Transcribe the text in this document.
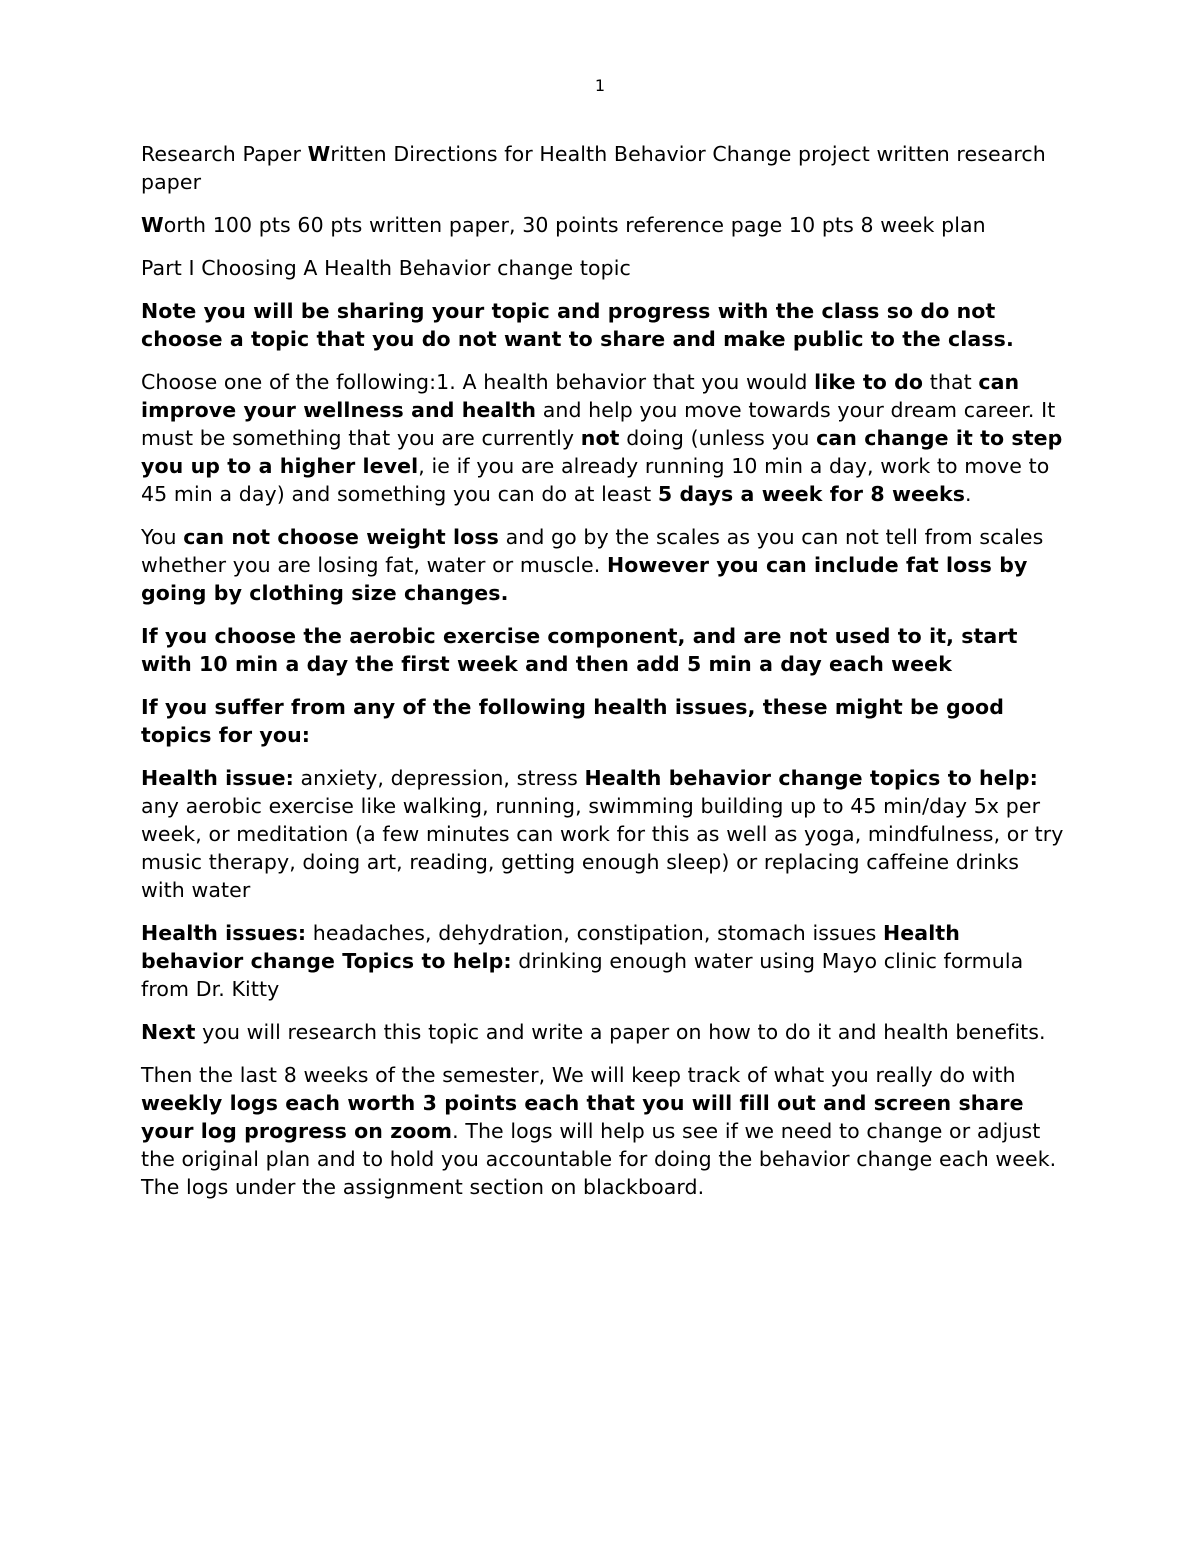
1

Research Paper Written Directions for Health Behavior Change project written research paper

Worth 100 pts 60 pts written paper, 30 points reference page 10 pts 8 week plan

Part I Choosing A Health Behavior change topic

Note you will be sharing your topic and progress with the class so do not choose a topic that you do not want to share and make public to the class.

Choose one of the following:1. A health behavior that you would like to do that can improve your wellness and health and help you move towards your dream career. It must be something that you are currently not doing (unless you can change it to step you up to a higher level, ie if you are already running 10 min a day, work to move to 45 min a day) and something you can do at least 5 days a week for 8 weeks.

You can not choose weight loss and go by the scales as you can not tell from scales whether you are losing fat, water or muscle. However you can include fat loss by going by clothing size changes.

If you choose the aerobic exercise component, and are not used to it, start with 10 min a day the first week and then add 5 min a day each week

If you suffer from any of the following health issues, these might be good topics for you:

Health issue: anxiety, depression, stress Health behavior change topics to help: any aerobic exercise like walking, running, swimming building up to 45 min/day 5x per week, or meditation (a few minutes can work for this as well as yoga, mindfulness, or try music therapy, doing art, reading, getting enough sleep) or replacing caffeine drinks with water

Health issues: headaches, dehydration, constipation, stomach issues Health behavior change Topics to help: drinking enough water using Mayo clinic formula from Dr. Kitty

Next you will research this topic and write a paper on how to do it and health benefits.

Then the last 8 weeks of the semester, We will keep track of what you really do with weekly logs each worth 3 points each that you will fill out and screen share your log progress on zoom. The logs will help us see if we need to change or adjust the original plan and to hold you accountable for doing the behavior change each week. The logs under the assignment section on blackboard.
